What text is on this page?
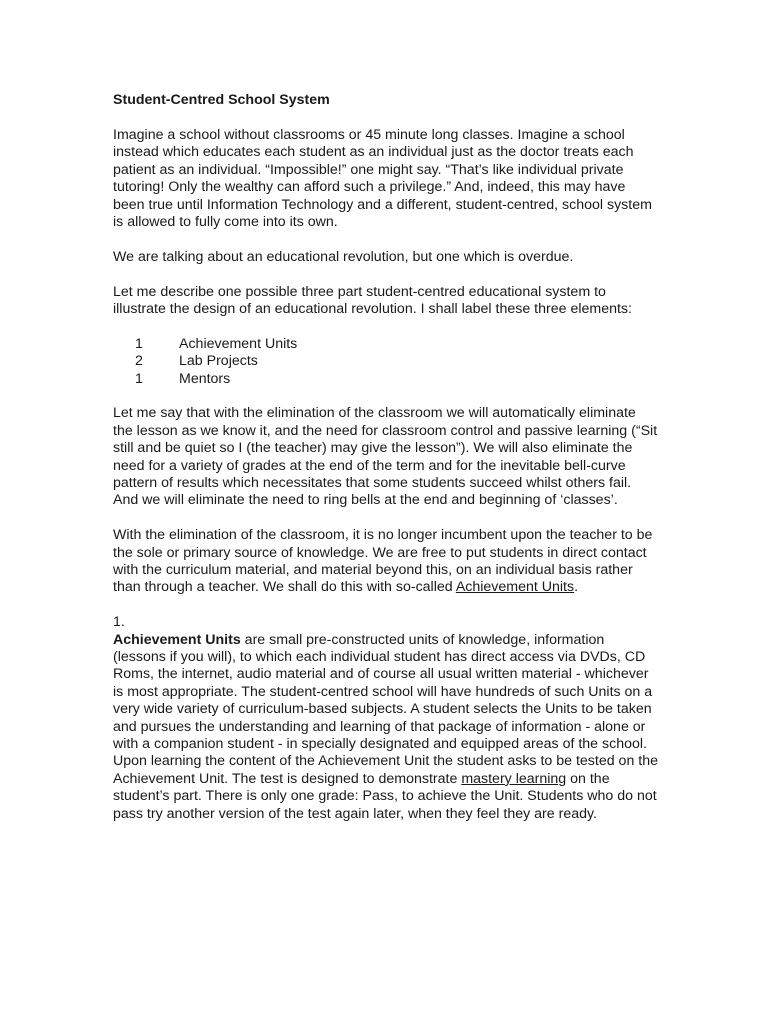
Student-Centred School System

Imagine a school without classrooms or 45 minute long classes. Imagine a school instead which educates each student as an individual just as the doctor treats each patient as an individual. “Impossible!” one might say. “That’s like individual private tutoring! Only the wealthy can afford such a privilege.” And, indeed, this may have been true until Information Technology and a different, student-centred, school system is allowed to fully come into its own.

We are talking about an educational revolution, but one which is overdue.

Let me describe one possible three part student-centred educational system to illustrate the design of an educational revolution. I shall label these three elements:

1	Achievement Units
2	Lab Projects
1	Mentors

Let me say that with the elimination of the classroom we will automatically eliminate the lesson as we know it, and the need for classroom control and passive learning (“Sit still and be quiet so I (the teacher) may give the lesson”). We will also eliminate the need for a variety of grades at the end of the term and for the inevitable bell-curve pattern of results which necessitates that some students succeed whilst others fail. And we will eliminate the need to ring bells at the end and beginning of ‘classes’.

With the elimination of the classroom, it is no longer incumbent upon the teacher to be the sole or primary source of knowledge. We are free to put students in direct contact with the curriculum material, and material beyond this, on an individual basis rather than through a teacher. We shall do this with so-called Achievement Units.

1.

Achievement Units are small pre-constructed units of knowledge, information (lessons if you will), to which each individual student has direct access via DVDs, CD Roms, the internet, audio material and of course all usual written material - whichever is most appropriate. The student-centred school will have hundreds of such Units on a very wide variety of curriculum-based subjects. A student selects the Units to be taken and pursues the understanding and learning of that package of information - alone or with a companion student - in specially designated and equipped areas of the school. Upon learning the content of the Achievement Unit the student asks to be tested on the Achievement Unit. The test is designed to demonstrate mastery learning on the student’s part. There is only one grade: Pass, to achieve the Unit. Students who do not pass try another version of the test again later, when they feel they are ready.
